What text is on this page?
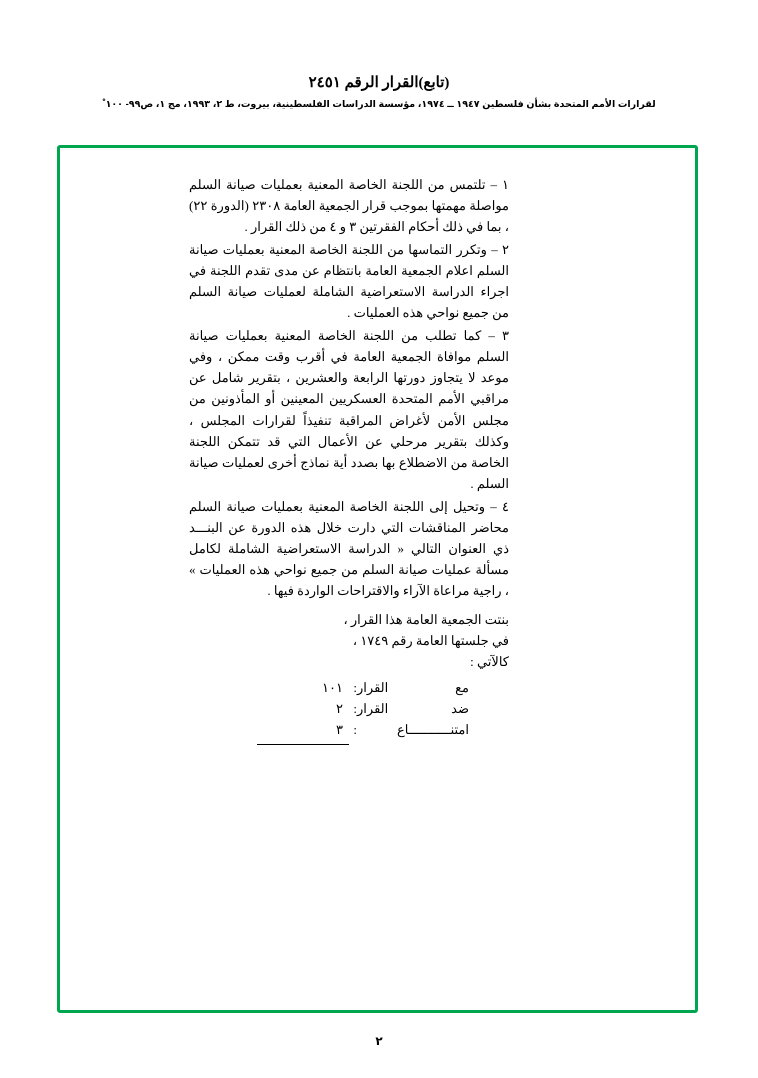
(تابع)القرار الرقم ٢٤٥١
لقرارات الأمم المتحدة بشأن فلسطين ١٩٤٧ ــ ١٩٧٤، مؤسسة الدراسات الفلسطينية، بيروت، ط ٢، ١٩٩٣، مج ١، ص٩٩- ١٠٠ ْ

١ – تلتمس من اللجنة الخاصة المعنية بعمليات صيانة السلم مواصلة مهمتها بموجب قرار الجمعية العامة ٢٣٠٨ (الدورة ٢٢) ، بما في ذلك أحكام الفقرتين ٣ و ٤ من ذلك القرار .

٢ – وتكرر التماسها من اللجنة الخاصة المعنية بعمليات صيانة السلم اعلام الجمعية العامة بانتظام عن مدى تقدم اللجنة في اجراء الدراسة الاستعراضية الشاملة لعمليات صيانة السلم من جميع نواحي هذه العمليات .

٣ – كما تطلب من اللجنة الخاصة المعنية بعمليات صيانة السلم موافاة الجمعية العامة في أقرب وقت ممكن ، وفي موعد لا يتجاوز دورتها الرابعة والعشرين ، بتقرير شامل عن مراقبي الأمم المتحدة العسكريين المعينين أو المأذونين من مجلس الأمن لأغراض المراقبة تنفيذاً لقرارات المجلس ، وكذلك بتقرير مرحلي عن الأعمال التي قد تتمكن اللجنة الخاصة من الاضطلاع بها بصدد أية نماذج أخرى لعمليات صيانة السلم .

٤ – وتحيل إلى اللجنة الخاصة المعنية بعمليات صيانة السلم محاضر المناقشات التي دارت خلال هذه الدورة عن البنـــد ذي العنوان التالي « الدراسة الاستعراضية الشاملة لكامل مسألة عمليات صيانة السلم من جميع نواحي هذه العمليات » ، راجية مراعاة الآراء والاقتراحات الواردة فيها .

بنتت الجمعية العامة هذا القرار ،
في جلستها العامة رقم ١٧٤٩ ،
كالآتي :
مع القرار
:
١٠١
ضد القرار
:
٢
امتنـــــــــــاع
:
٣
٢
